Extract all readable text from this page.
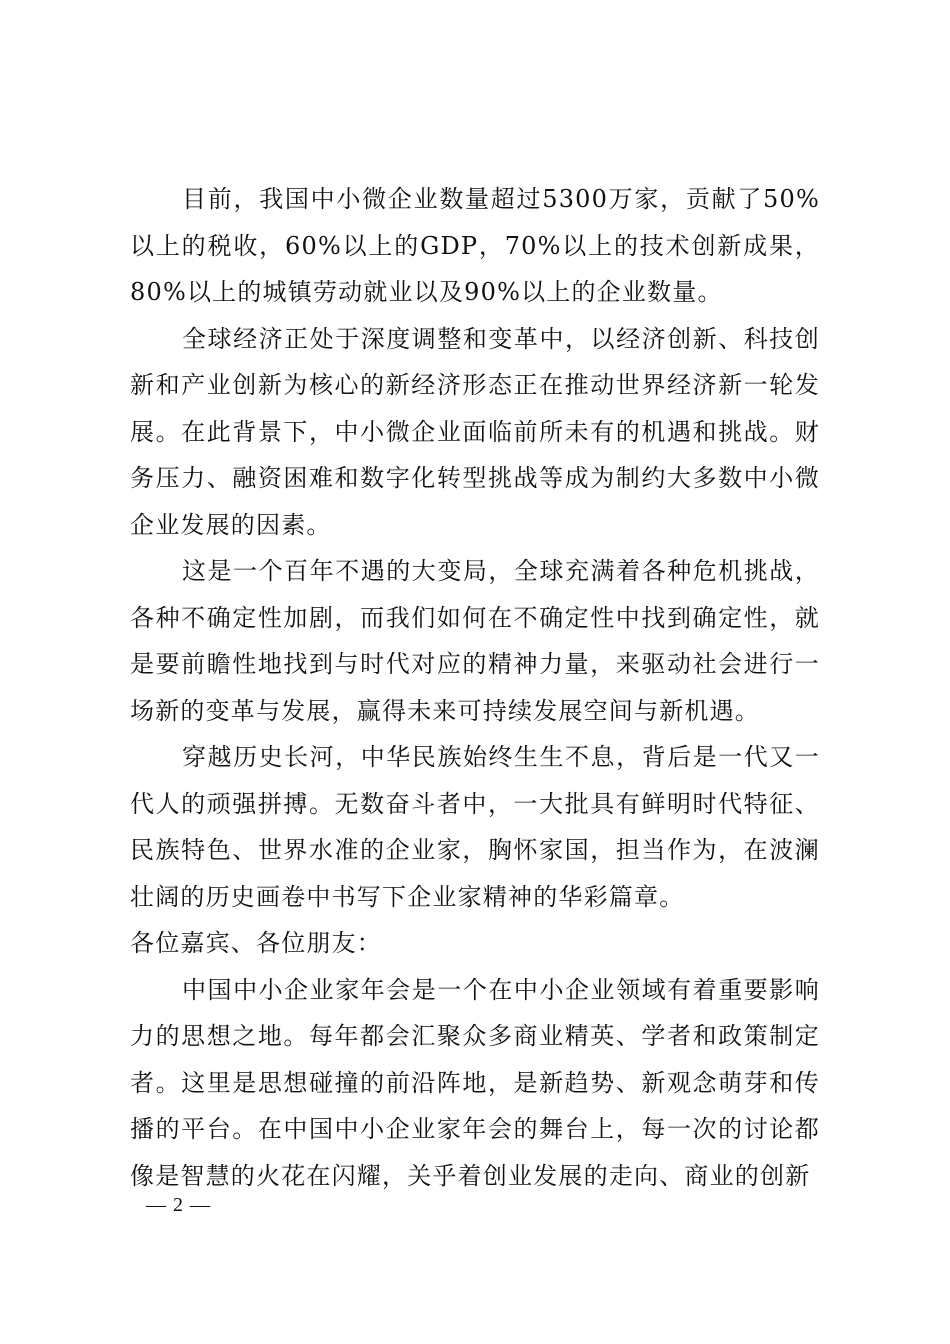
目前，我国中小微企业数量超过5300万家，贡献了50%以上的税收，60%以上的GDP，70%以上的技术创新成果，80%以上的城镇劳动就业以及90%以上的企业数量。

全球经济正处于深度调整和变革中，以经济创新、科技创新和产业创新为核心的新经济形态正在推动世界经济新一轮发展。在此背景下，中小微企业面临前所未有的机遇和挑战。财务压力、融资困难和数字化转型挑战等成为制约大多数中小微企业发展的因素。

这是一个百年不遇的大变局，全球充满着各种危机挑战，各种不确定性加剧，而我们如何在不确定性中找到确定性，就是要前瞻性地找到与时代对应的精神力量，来驱动社会进行一场新的变革与发展，赢得未来可持续发展空间与新机遇。

穿越历史长河，中华民族始终生生不息，背后是一代又一代人的顽强拼搏。无数奋斗者中，一大批具有鲜明时代特征、民族特色、世界水准的企业家，胸怀家国，担当作为，在波澜壮阔的历史画卷中书写下企业家精神的华彩篇章。

各位嘉宾、各位朋友：

中国中小企业家年会是一个在中小企业领域有着重要影响力的思想之地。每年都会汇聚众多商业精英、学者和政策制定者。这里是思想碰撞的前沿阵地，是新趋势、新观念萌芽和传播的平台。在中国中小企业家年会的舞台上，每一次的讨论都像是智慧的火花在闪耀，关乎着创业发展的走向、商业的创新

— 2 —
